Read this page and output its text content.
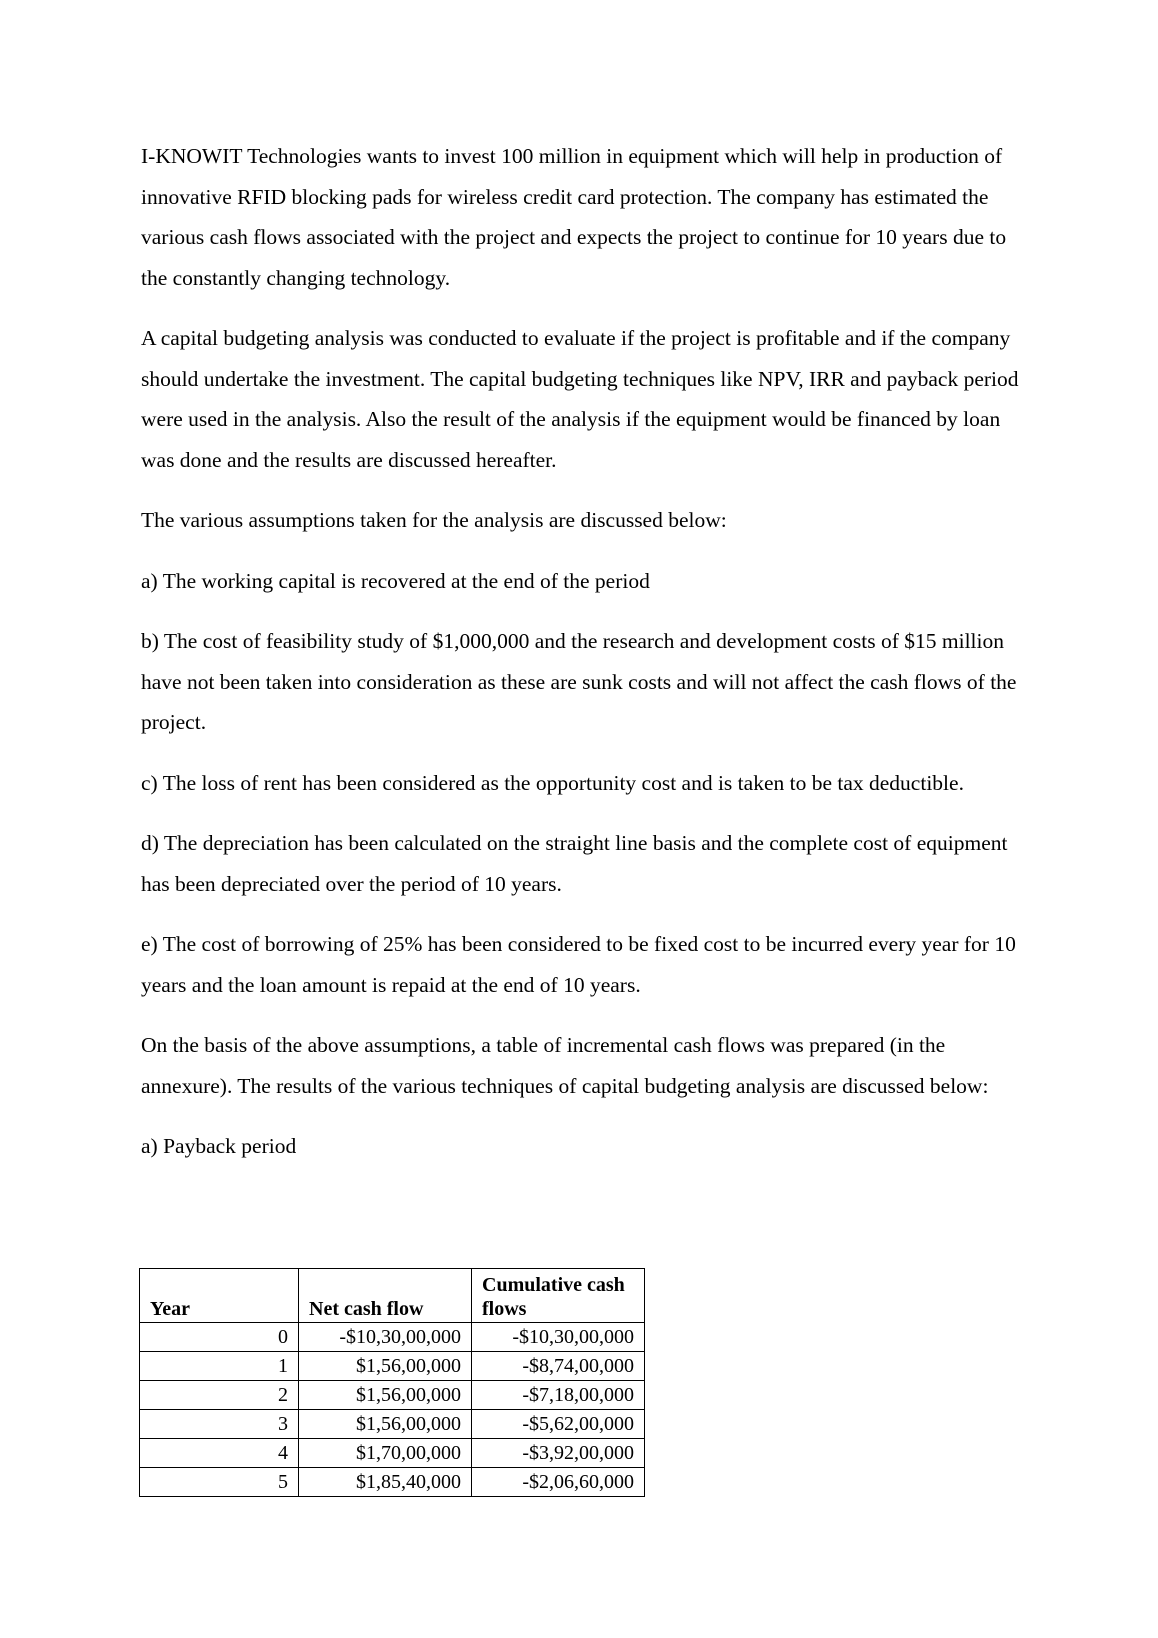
I-KNOWIT Technologies wants to invest 100 million in equipment which will help in production of innovative RFID blocking pads for wireless credit card protection. The company has estimated the various cash flows associated with the project and expects the project to continue for 10 years due to the constantly changing technology.

A capital budgeting analysis was conducted to evaluate if the project is profitable and if the company should undertake the investment. The capital budgeting techniques like NPV, IRR and payback period were used in the analysis. Also the result of the analysis if the equipment would be financed by loan was done and the results are discussed hereafter.

The various assumptions taken for the analysis are discussed below:

a) The working capital is recovered at the end of the period

b) The cost of feasibility study of $1,000,000 and the research and development costs of $15 million have not been taken into consideration as these are sunk costs and will not affect the cash flows of the project.

c) The loss of rent has been considered as the opportunity cost and is taken to be tax deductible.

d) The depreciation has been calculated on the straight line basis and the complete cost of equipment has been depreciated over the period of 10 years.

e) The cost of borrowing of 25% has been considered to be fixed cost to be incurred every year for 10 years and the loan amount is repaid at the end of 10 years.

On the basis of the above assumptions, a table of incremental cash flows was prepared (in the annexure). The results of the various techniques of capital budgeting analysis are discussed below:

a) Payback period

Year	Net cash flow	Cumulative cash flows
0	-$10,30,00,000	-$10,30,00,000
1	$1,56,00,000	-$8,74,00,000
2	$1,56,00,000	-$7,18,00,000
3	$1,56,00,000	-$5,62,00,000
4	$1,70,00,000	-$3,92,00,000
5	$1,85,40,000	-$2,06,60,000
